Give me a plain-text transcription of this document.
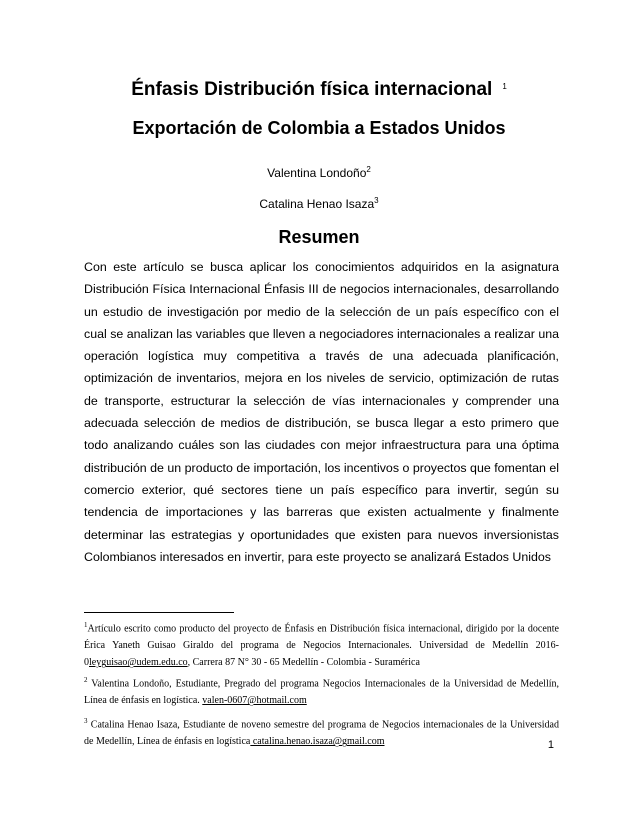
Énfasis Distribución física internacional $^1$
Exportación de Colombia a Estados Unidos
Valentina Londoño$^2$
Catalina Henao Isaza$^3$
Resumen
Con este artículo se busca aplicar los conocimientos adquiridos en la asignatura Distribución Física Internacional Énfasis III de negocios internacionales, desarrollando un estudio de investigación por medio de la selección de un país específico con el cual se analizan las variables que lleven a negociadores internacionales a realizar una operación logística muy competitiva a través de una adecuada planificación, optimización de inventarios, mejora en los niveles de servicio, optimización de rutas de transporte, estructurar la selección de vías internacionales y comprender una adecuada selección de medios de distribución, se busca llegar a esto primero que todo analizando cuáles son las ciudades con mejor infraestructura para una óptima distribución de un producto de importación, los incentivos o proyectos que fomentan el comercio exterior, qué sectores tiene un país específico para invertir, según su tendencia de importaciones y las barreras que existen actualmente y finalmente determinar las estrategias y oportunidades que existen para nuevos inversionistas Colombianos interesados en invertir, para este proyecto se analizará Estados Unidos
$^1$Artículo escrito como producto del proyecto de Énfasis en Distribución física internacional, dirigido por la docente Érica Yaneth Guisao Giraldo del programa de Negocios Internacionales. Universidad de Medellín 2016-0leyguisao@udem.edu.co, Carrera 87 N° 30 - 65 Medellín - Colombia - Suramérica
$^2$ Valentina Londoño, Estudiante, Pregrado del programa Negocios Internacionales de la Universidad de Medellín, Línea de énfasis en logística. valen-0607@hotmail.com
$^3$ Catalina Henao Isaza, Estudiante de noveno semestre del programa de Negocios internacionales de la Universidad de Medellín, Línea de énfasis en logística catalina.henao.isaza@gmail.com	1
